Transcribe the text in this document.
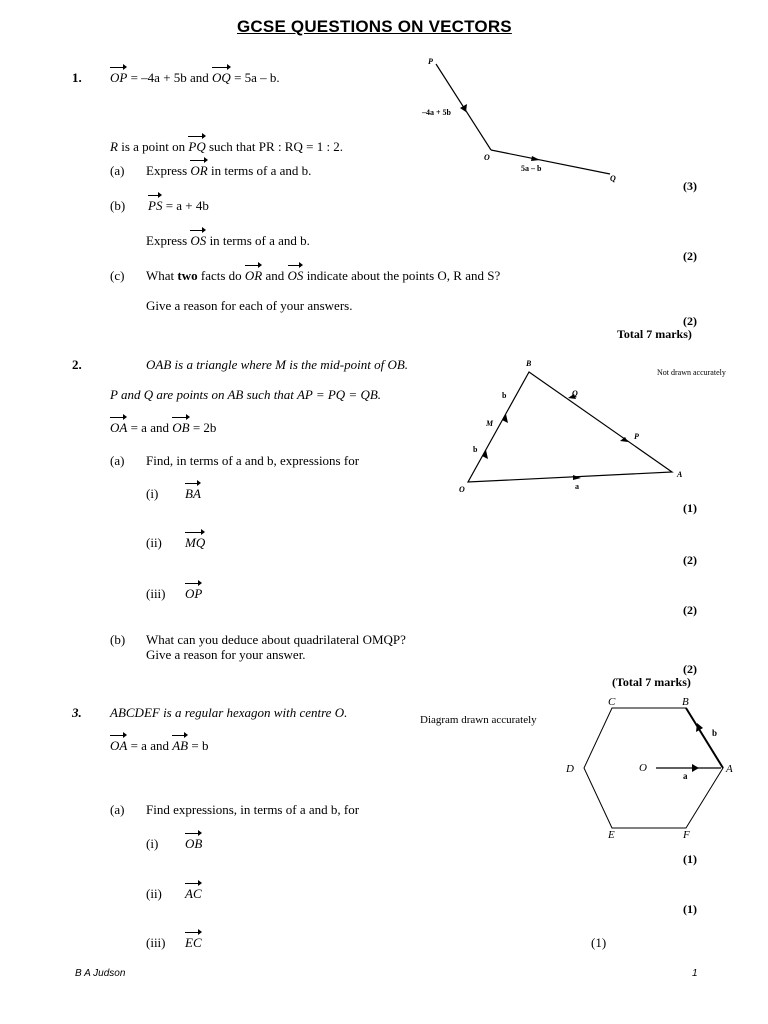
GCSE QUESTIONS ON VECTORS
1. OP = –4a + 5b and OQ = 5a – b.
R is a point on PQ such that PR : RQ = 1 : 2.
(a) Express OR in terms of a and b.
(3)
(b) PS = a + 4b
Express OS in terms of a and b.
(2)
(c) What two facts do OR and OS indicate about the points O, R and S?
Give a reason for each of your answers.
(2)
Total 7 marks)
P
O
Q
–4a + 5b
5a – b
2.	OAB is a triangle where M is the mid-point of OB.
P and Q are points on AB such that AP = PQ = QB.
OA = a and OB = 2b
(a) Find, in terms of a and b, expressions for
(i) BA
(1)
(ii) MQ
(2)
(iii) OP
(2)
(b) What can you deduce about quadrilateral OMQP?
Give a reason for your answer.
(2)
(Total 7 marks)
Not drawn accurately
B
O
A
M
P
Q
b
b
a
3. ABCDEF is a regular hexagon with centre O.
OA = a and AB = b
Diagram drawn accurately
(a) Find expressions, in terms of a and b, for
(i) OB
(1)
(ii) AC
(1)
(iii) EC	(1)
C	B
A
D
E	F
O
a
b
B A Judson	1
